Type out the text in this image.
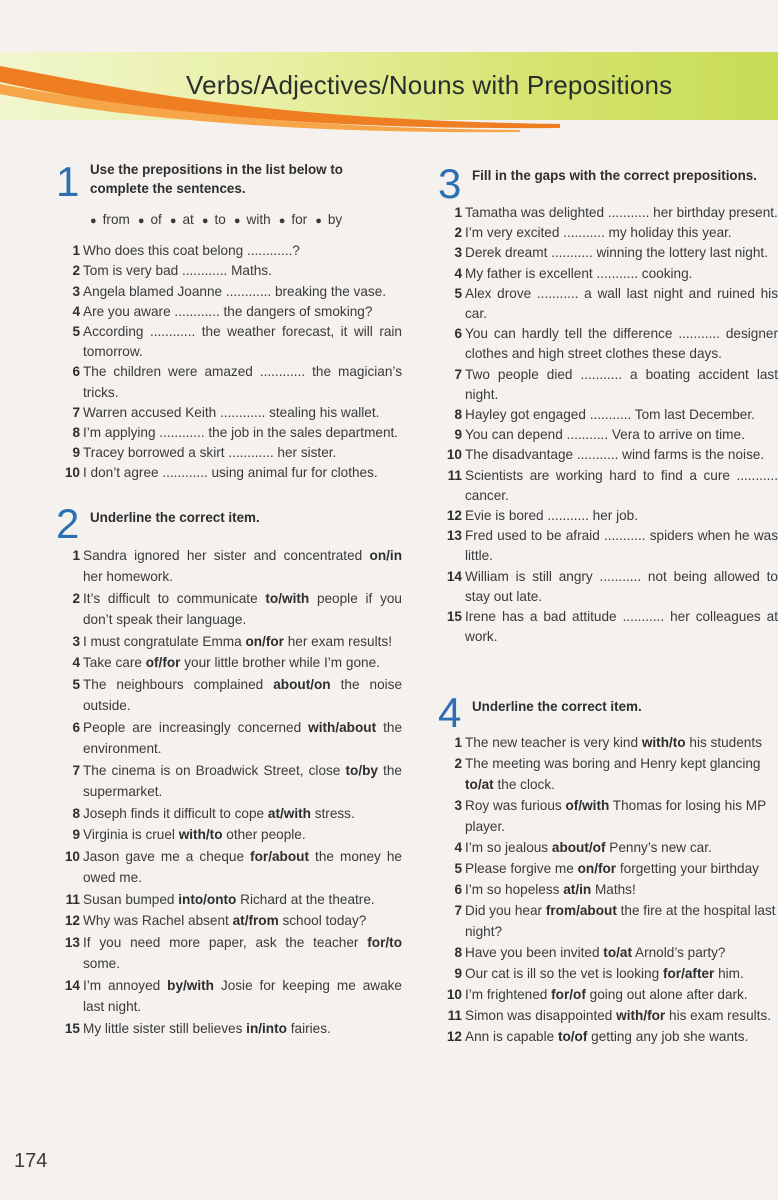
Verbs/Adjectives/Nouns with Prepositions
1 Use the prepositions in the list below to complete the sentences.
● from ● of ● at ● to ● with ● for ● by
1 Who does this coat belong ............?
2 Tom is very bad ............ Maths.
3 Angela blamed Joanne ............ breaking the vase.
4 Are you aware ............ the dangers of smoking?
5 According ............ the weather forecast, it will rain tomorrow.
6 The children were amazed ............ the magician’s tricks.
7 Warren accused Keith ............ stealing his wallet.
8 I’m applying ............ the job in the sales department.
9 Tracey borrowed a skirt ............ her sister.
10 I don’t agree ............ using animal fur for clothes.
2 Underline the correct item.
1 Sandra ignored her sister and concentrated on/in her homework.
2 It’s difficult to communicate to/with people if you don’t speak their language.
3 I must congratulate Emma on/for her exam results!
4 Take care of/for your little brother while I’m gone.
5 The neighbours complained about/on the noise outside.
6 People are increasingly concerned with/about the environment.
7 The cinema is on Broadwick Street, close to/by the supermarket.
8 Joseph finds it difficult to cope at/with stress.
9 Virginia is cruel with/to other people.
10 Jason gave me a cheque for/about the money he owed me.
11 Susan bumped into/onto Richard at the theatre.
12 Why was Rachel absent at/from school today?
13 If you need more paper, ask the teacher for/to some.
14 I’m annoyed by/with Josie for keeping me awake last night.
15 My little sister still believes in/into fairies.
3 Fill in the gaps with the correct prepositions.
1 Tamatha was delighted ........... her birthday present.
2 I’m very excited ........... my holiday this year.
3 Derek dreamt ........... winning the lottery last night.
4 My father is excellent ........... cooking.
5 Alex drove ........... a wall last night and ruined his car.
6 You can hardly tell the difference ........... designer clothes and high street clothes these days.
7 Two people died ........... a boating accident last night.
8 Hayley got engaged ........... Tom last December.
9 You can depend ........... Vera to arrive on time.
10 The disadvantage ........... wind farms is the noise.
11 Scientists are working hard to find a cure ........... cancer.
12 Evie is bored ........... her job.
13 Fred used to be afraid ........... spiders when he was little.
14 William is still angry ........... not being allowed to stay out late.
15 Irene has a bad attitude ........... her colleagues at work.
4 Underline the correct item.
1 The new teacher is very kind with/to his students
2 The meeting was boring and Henry kept glancing to/at the clock.
3 Roy was furious of/with Thomas for losing his MP player.
4 I’m so jealous about/of Penny’s new car.
5 Please forgive me on/for forgetting your birthday
6 I’m so hopeless at/in Maths!
7 Did you hear from/about the fire at the hospital last night?
8 Have you been invited to/at Arnold’s party?
9 Our cat is ill so the vet is looking for/after him.
10 I’m frightened for/of going out alone after dark.
11 Simon was disappointed with/for his exam results.
12 Ann is capable to/of getting any job she wants.
174
